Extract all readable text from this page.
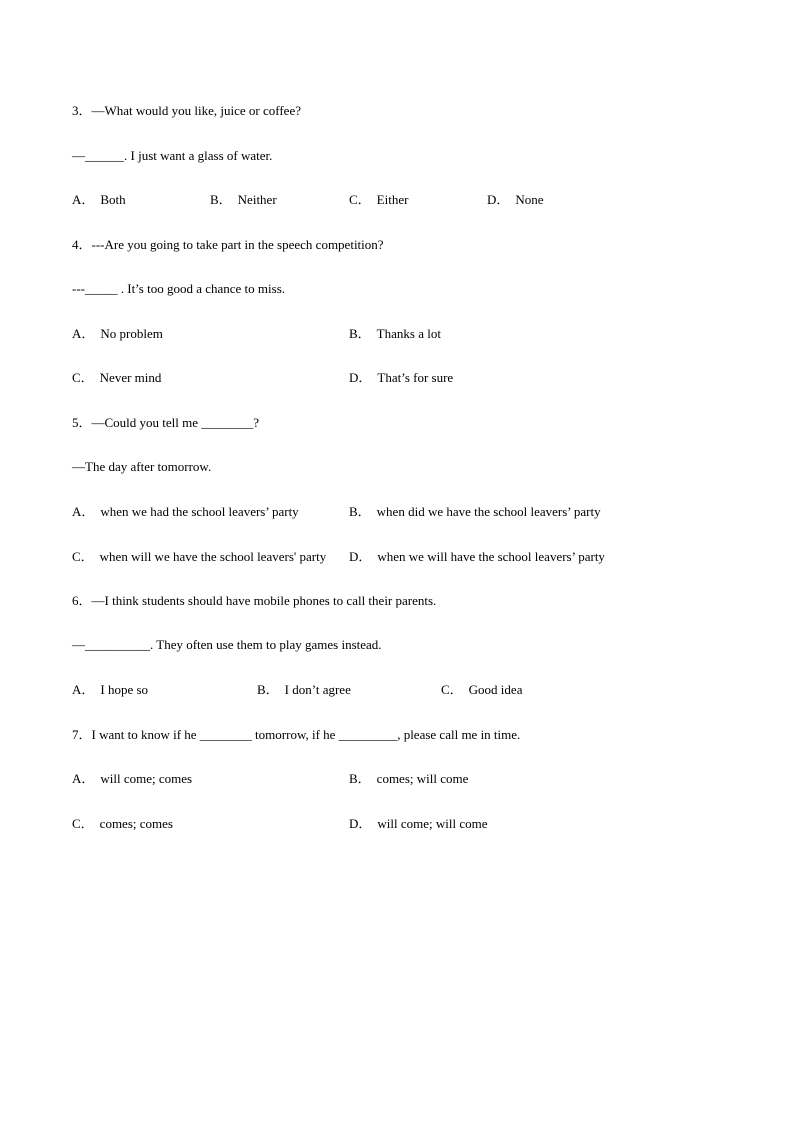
3．—What would you like, juice or coffee?
—______. I just want a glass of water.
A． Both	B． Neither	C． Either	D． None
4．---Are you going to take part in the speech competition?
---_____ . It’s too good a chance to miss.
A． No problem	B． Thanks a lot
C． Never mind	D． That’s for sure
5．—Could you tell me ________?
—The day after tomorrow.
A． when we had the school leavers’ party	B． when did we have the school leavers’ party
C． when will we have the school leavers' party D． when we will have the school leavers’ party
6．—I think students should have mobile phones to call their parents.
—__________. They often use them to play games instead.
A． I hope so	B． I don’t agree	C． Good idea
7．I want to know if he ________ tomorrow, if he _________, please call me in time.
A． will come; comes	B． comes; will come
C． comes; comes	D． will come; will come
